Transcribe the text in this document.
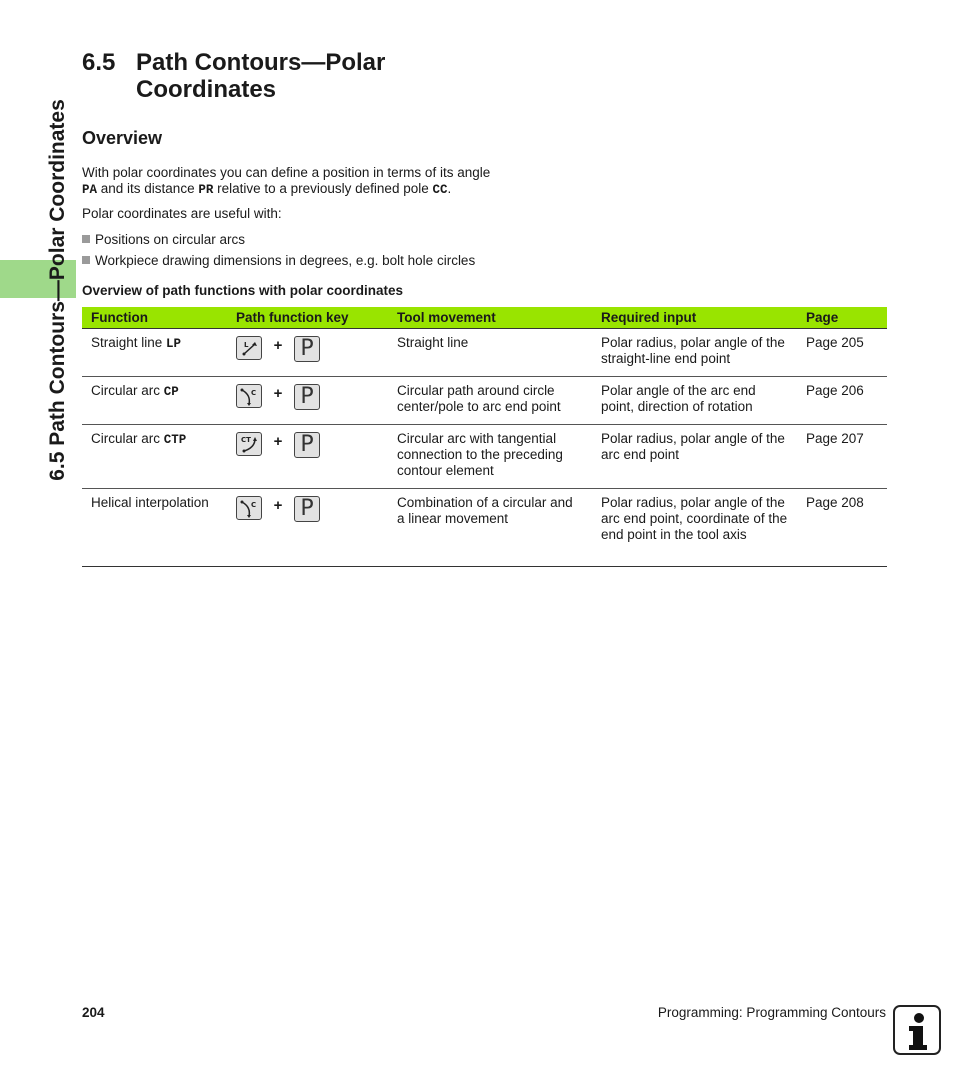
6.5 Path Contours—Polar Coordinates
6.5 Path Contours—Polar
Coordinates
Overview
With polar coordinates you can define a position in terms of its angle
PA and its distance PR relative to a previously defined pole CC.
Polar coordinates are useful with:
Positions on circular arcs
Workpiece drawing dimensions in degrees, e.g. bolt hole circles
Overview of path functions with polar coordinates
Function	Path function key	Tool movement	Required input	Page
Straight line LP	L + P	Straight line	Polar radius, polar angle of the straight-line end point	Page 205
Circular arc CP	C + P	Circular path around circle center/pole to arc end point	Polar angle of the arc end point, direction of rotation	Page 206
Circular arc CTP	CT + P	Circular arc with tangential connection to the preceding contour element	Polar radius, polar angle of the arc end point	Page 207
Helical interpolation	C + P	Combination of a circular and a linear movement	Polar radius, polar angle of the arc end point, coordinate of the end point in the tool axis	Page 208
204	Programming: Programming Contours
